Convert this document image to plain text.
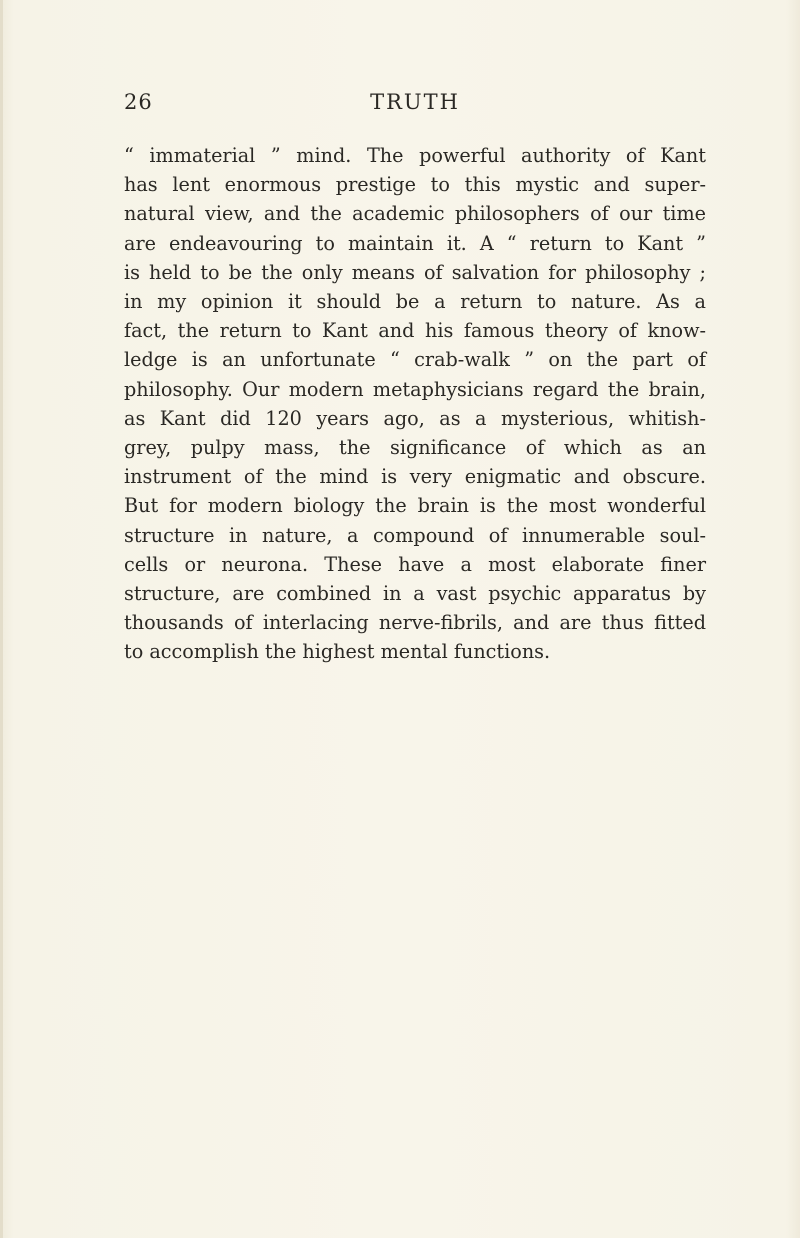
26	TRUTH

“ immaterial ” mind. The powerful authority of Kant
has lent enormous prestige to this mystic and super-
natural view, and the academic philosophers of our time
are endeavouring to maintain it. A “ return to Kant ”
is held to be the only means of salvation for philosophy ;
in my opinion it should be a return to nature. As a
fact, the return to Kant and his famous theory of know-
ledge is an unfortunate “ crab-walk ” on the part of
philosophy. Our modern metaphysicians regard the brain,
as Kant did 120 years ago, as a mysterious, whitish-
grey, pulpy mass, the significance of which as an
instrument of the mind is very enigmatic and obscure.
But for modern biology the brain is the most wonderful
structure in nature, a compound of innumerable soul-
cells or neurona. These have a most elaborate finer
structure, are combined in a vast psychic apparatus by
thousands of interlacing nerve-fibrils, and are thus fitted
to accomplish the highest mental functions.
